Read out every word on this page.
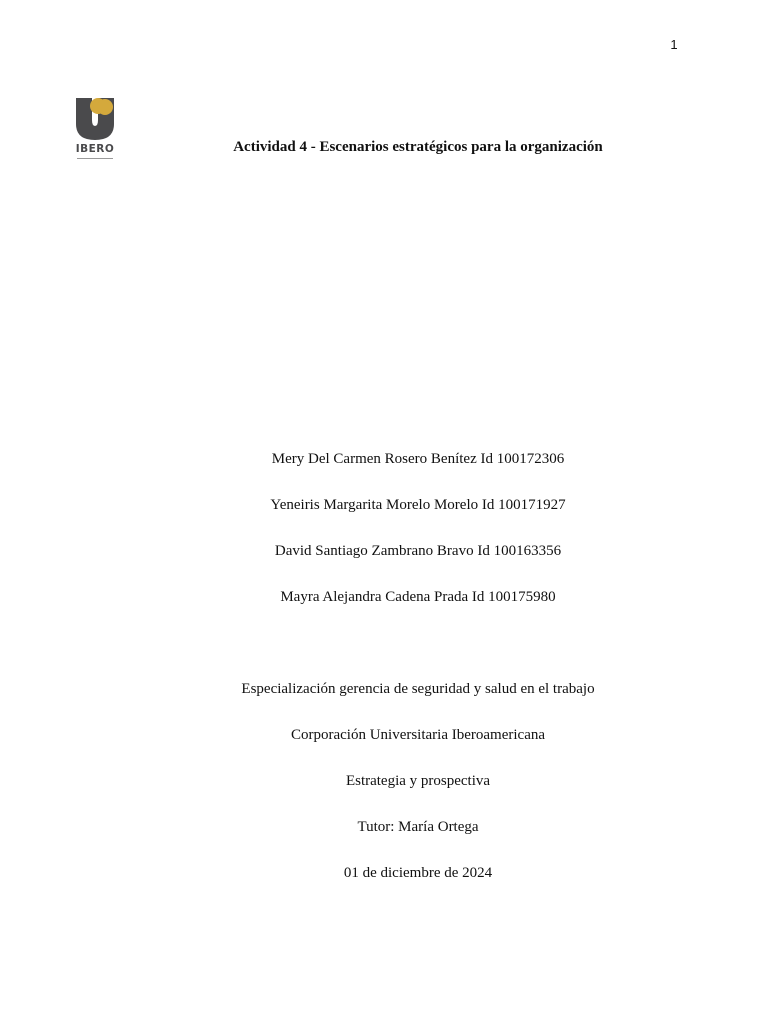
1
IBERO	Actividad 4 - Escenarios estratégicos para la organización
Mery Del Carmen Rosero Benítez Id 100172306
Yeneiris Margarita Morelo Morelo Id 100171927
David Santiago Zambrano Bravo Id 100163356
Mayra Alejandra Cadena Prada Id 100175980
Especialización gerencia de seguridad y salud en el trabajo
Corporación Universitaria Iberoamericana
Estrategia y prospectiva
Tutor: María Ortega
01 de diciembre de 2024
